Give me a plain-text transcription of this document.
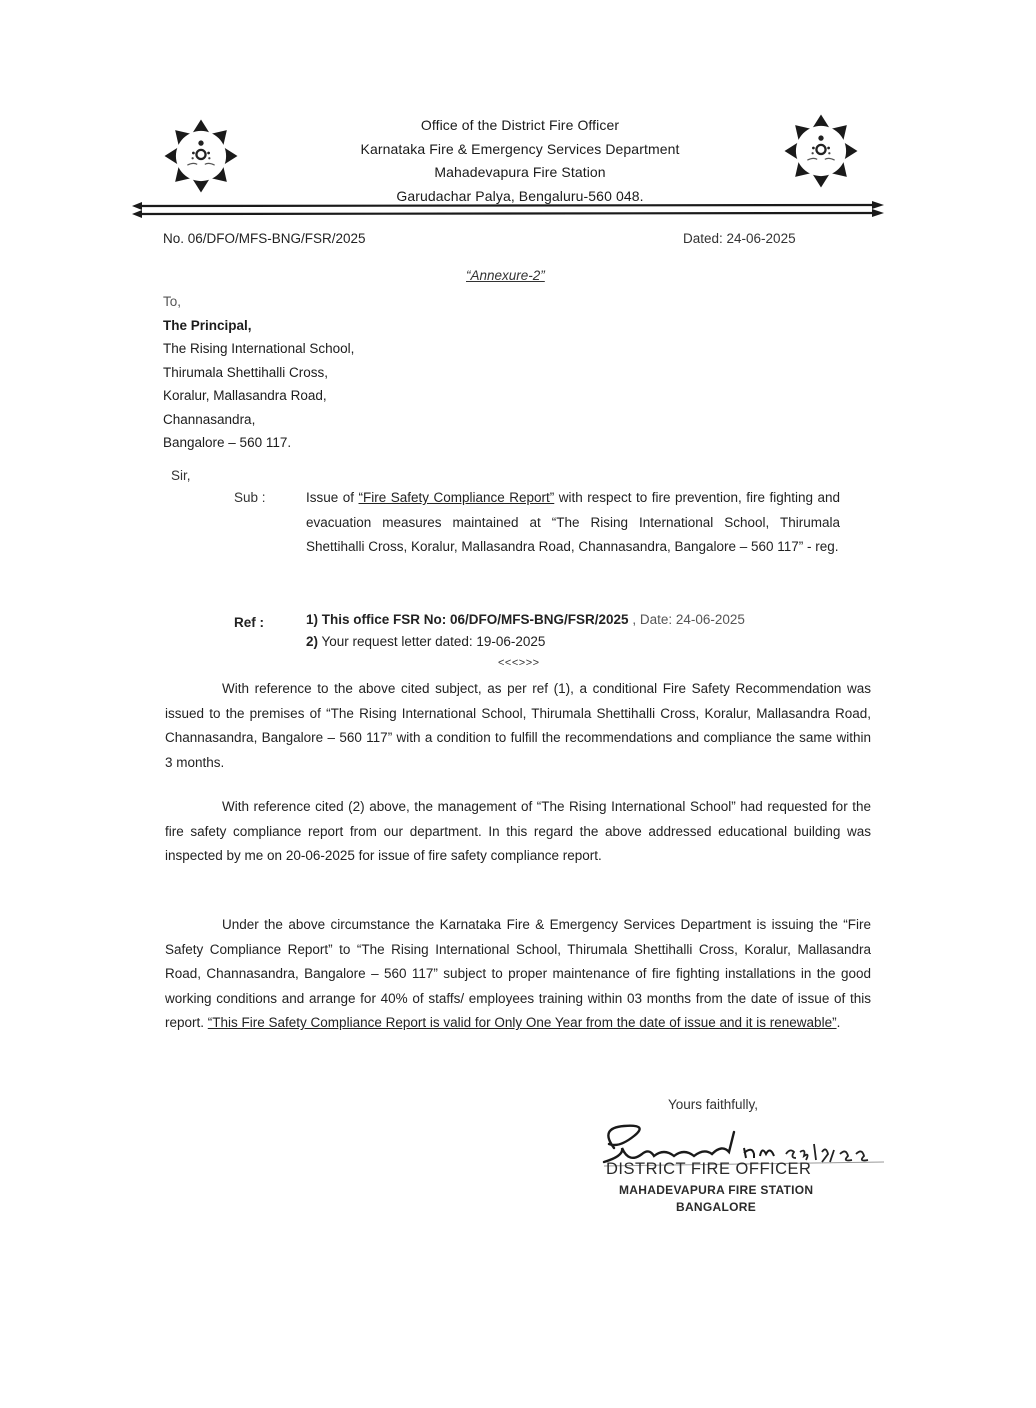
Office of the District Fire Officer
Karnataka Fire & Emergency Services Department
Mahadevapura Fire Station
Garudachar Palya, Bengaluru-560 048.
No. 06/DFO/MFS-BNG/FSR/2025	Dated: 24-06-2025
“Annexure-2”
To,
The Principal,
The Rising International School,
Thirumala Shettihalli Cross,
Koralur, Mallasandra Road,
Channasandra,
Bangalore – 560 117.
Sir,
Sub :	Issue of “Fire Safety Compliance Report” with respect to fire prevention, fire fighting and evacuation measures maintained at “The Rising International School, Thirumala Shettihalli Cross, Koralur, Mallasandra Road, Channasandra, Bangalore – 560 117” - reg.
Ref :	1) This office FSR No: 06/DFO/MFS-BNG/FSR/2025 , Date: 24-06-2025
2) Your request letter dated: 19-06-2025
<<<>>>
With reference to the above cited subject, as per ref (1), a conditional Fire Safety Recommendation was issued to the premises of “The Rising International School, Thirumala Shettihalli Cross, Koralur, Mallasandra Road, Channasandra, Bangalore – 560 117” with a condition to fulfill the recommendations and compliance the same within 3 months.
With reference cited (2) above, the management of “The Rising International School” had requested for the fire safety compliance report from our department. In this regard the above addressed educational building was inspected by me on 20-06-2025 for issue of fire safety compliance report.
Under the above circumstance the Karnataka Fire & Emergency Services Department is issuing the “Fire Safety Compliance Report” to “The Rising International School, Thirumala Shettihalli Cross, Koralur, Mallasandra Road, Channasandra, Bangalore – 560 117” subject to proper maintenance of fire fighting installations in the good working conditions and arrange for 40% of staffs/ employees training within 03 months from the date of issue of this report. “This Fire Safety Compliance Report is valid for Only One Year from the date of issue and it is renewable”.
Yours faithfully,
DISTRICT FIRE OFFICER
MAHADEVAPURA FIRE STATION
BANGALORE
